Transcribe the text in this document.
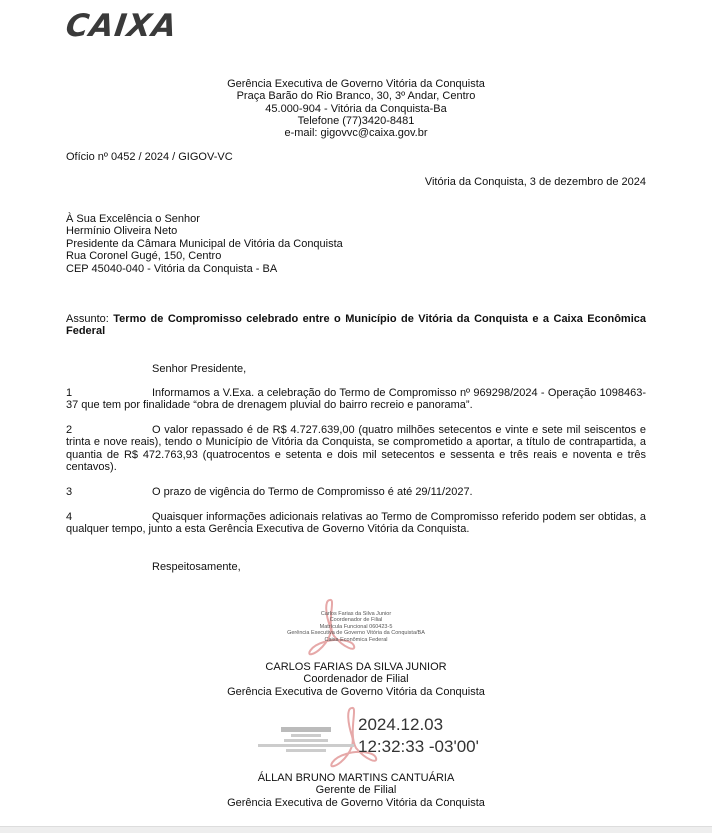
CAIXA
Gerência Executiva de Governo Vitória da Conquista
Praça Barão do Rio Branco, 30, 3º Andar, Centro
45.000-904 - Vitória da Conquista-Ba
Telefone (77)3420-8481
e-mail: gigovvc@caixa.gov.br
Ofício nº 0452 / 2024 / GIGOV-VC
Vitória da Conquista, 3 de dezembro de 2024
À Sua Excelência o Senhor
Hermínio Oliveira Neto
Presidente da Câmara Municipal de Vitória da Conquista
Rua Coronel Gugé, 150, Centro
CEP 45040-040 - Vitória da Conquista - BA
Assunto: Termo de Compromisso celebrado entre o Município de Vitória da Conquista e a Caixa Econômica Federal
Senhor Presidente,
1	Informamos a V.Exa. a celebração do Termo de Compromisso nº 969298/2024 - Operação 1098463-37 que tem por finalidade “obra de drenagem pluvial do bairro recreio e panorama”.
2	O valor repassado é de R$ 4.727.639,00 (quatro milhões setecentos e vinte e sete mil seiscentos e trinta e nove reais), tendo o Município de Vitória da Conquista, se comprometido a aportar, a título de contrapartida, a quantia de R$ 472.763,93 (quatrocentos e setenta e dois mil setecentos e sessenta e três reais e noventa e três centavos).
3	O prazo de vigência do Termo de Compromisso é até 29/11/2027.
4	Quaisquer informações adicionais relativas ao Termo de Compromisso referido podem ser obtidas, a qualquer tempo, junto a esta Gerência Executiva de Governo Vitória da Conquista.
Respeitosamente,
Carlos Farias da Silva Junior
Coordenador de Filial
Matrícula Funcional 060423-5
Gerência Executiva de Governo Vitória da Conquista/BA
Caixa Econômica Federal
CARLOS FARIAS DA SILVA JUNIOR
Coordenador de Filial
Gerência Executiva de Governo Vitória da Conquista
2024.12.03
12:32:33 -03'00'
ÁLLAN BRUNO MARTINS CANTUÁRIA
Gerente de Filial
Gerência Executiva de Governo Vitória da Conquista
